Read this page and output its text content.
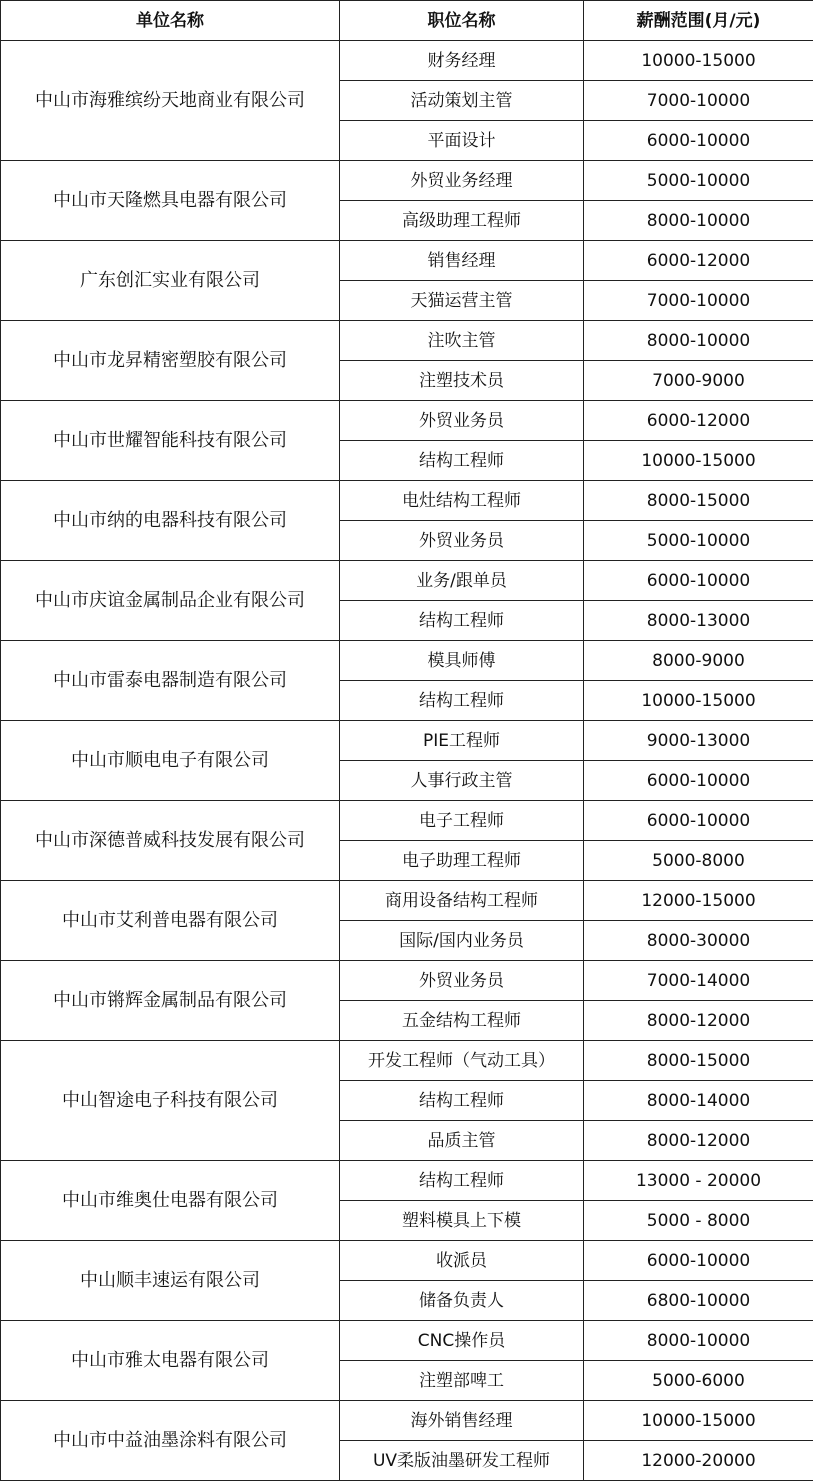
单位名称	职位名称	薪酬范围(月/元)
中山市海雅缤纷天地商业有限公司	财务经理	10000-15000
	活动策划主管	7000-10000
	平面设计	6000-10000
中山市天隆燃具电器有限公司	外贸业务经理	5000-10000
	高级助理工程师	8000-10000
广东创汇实业有限公司	销售经理	6000-12000
	天猫运营主管	7000-10000
中山市龙昇精密塑胶有限公司	注吹主管	8000-10000
	注塑技术员	7000-9000
中山市世耀智能科技有限公司	外贸业务员	6000-12000
	结构工程师	10000-15000
中山市纳的电器科技有限公司	电灶结构工程师	8000-15000
	外贸业务员	5000-10000
中山市庆谊金属制品企业有限公司	业务/跟单员	6000-10000
	结构工程师	8000-13000
中山市雷泰电器制造有限公司	模具师傅	8000-9000
	结构工程师	10000-15000
中山市顺电电子有限公司	PIE工程师	9000-13000
	人事行政主管	6000-10000
中山市深德普威科技发展有限公司	电子工程师	6000-10000
	电子助理工程师	5000-8000
中山市艾利普电器有限公司	商用设备结构工程师	12000-15000
	国际/国内业务员	8000-30000
中山市锵辉金属制品有限公司	外贸业务员	7000-14000
	五金结构工程师	8000-12000
中山智途电子科技有限公司	开发工程师（气动工具）	8000-15000
	结构工程师	8000-14000
	品质主管	8000-12000
中山市维奥仕电器有限公司	结构工程师	13000 - 20000
	塑料模具上下模	5000 - 8000
中山顺丰速运有限公司	收派员	6000-10000
	储备负责人	6800-10000
中山市雅太电器有限公司	CNC操作员	8000-10000
	注塑部啤工	5000-6000
中山市中益油墨涂料有限公司	海外销售经理	10000-15000
	UV柔版油墨研发工程师	12000-20000
